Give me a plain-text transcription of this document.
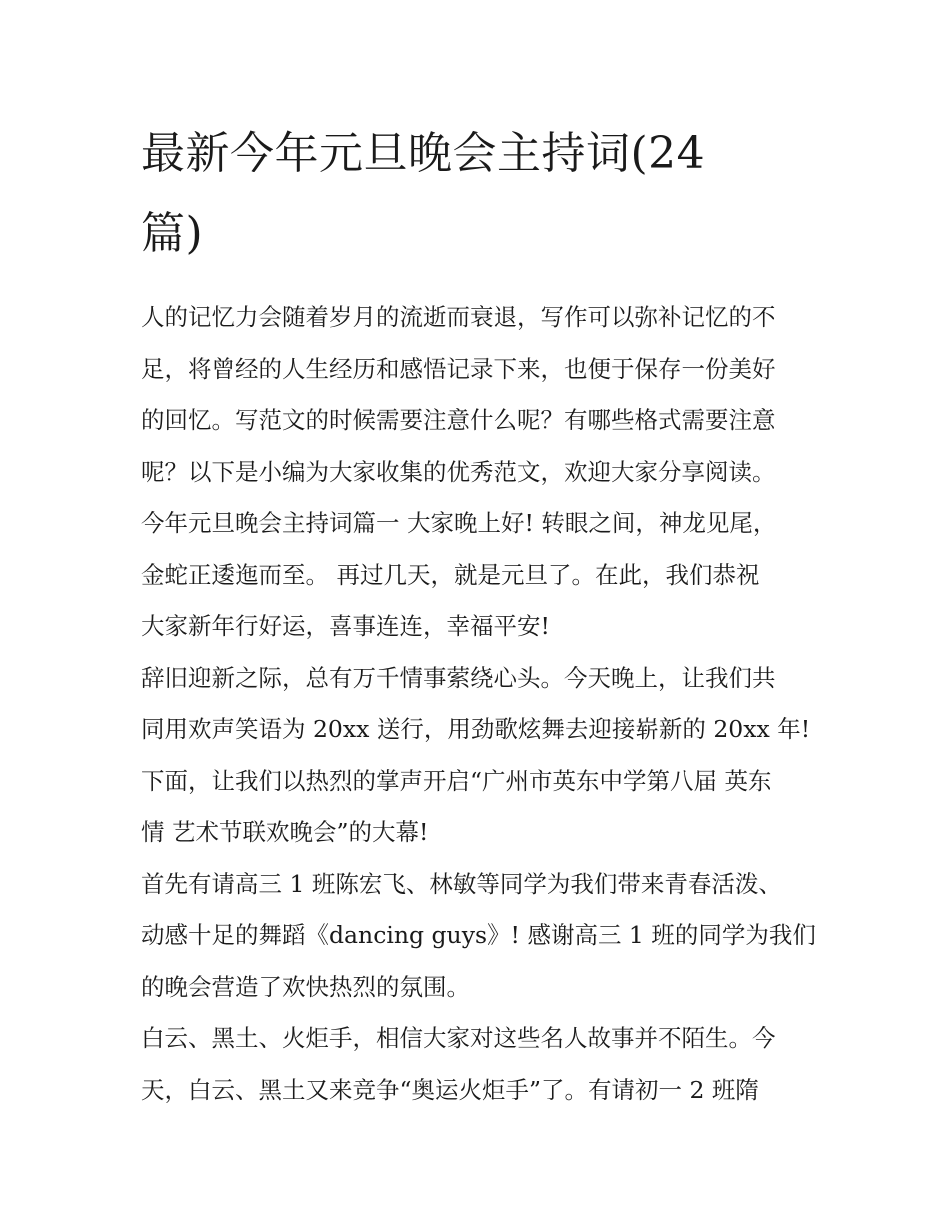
最新今年元旦晚会主持词(24
篇)

人的记忆力会随着岁月的流逝而衰退，写作可以弥补记忆的不
足，将曾经的人生经历和感悟记录下来，也便于保存一份美好
的回忆。写范文的时候需要注意什么呢？有哪些格式需要注意
呢？以下是小编为大家收集的优秀范文，欢迎大家分享阅读。

今年元旦晚会主持词篇一 大家晚上好! 转眼之间，神龙见尾，
金蛇正逶迤而至。 再过几天，就是元旦了。在此，我们恭祝
大家新年行好运，喜事连连，幸福平安!

辞旧迎新之际，总有万千情事萦绕心头。今天晚上，让我们共
同用欢声笑语为 20xx 送行，用劲歌炫舞去迎接崭新的 20xx 年!
下面，让我们以热烈的掌声开启“广州市英东中学第八届 英东
情 艺术节联欢晚会”的大幕!

首先有请高三 1 班陈宏飞、林敏等同学为我们带来青春活泼、
动感十足的舞蹈《dancing guys》! 感谢高三 1 班的同学为我们
的晚会营造了欢快热烈的氛围。

白云、黑土、火炬手，相信大家对这些名人故事并不陌生。今
天，白云、黑土又来竞争“奥运火炬手”了。有请初一 2 班隋
